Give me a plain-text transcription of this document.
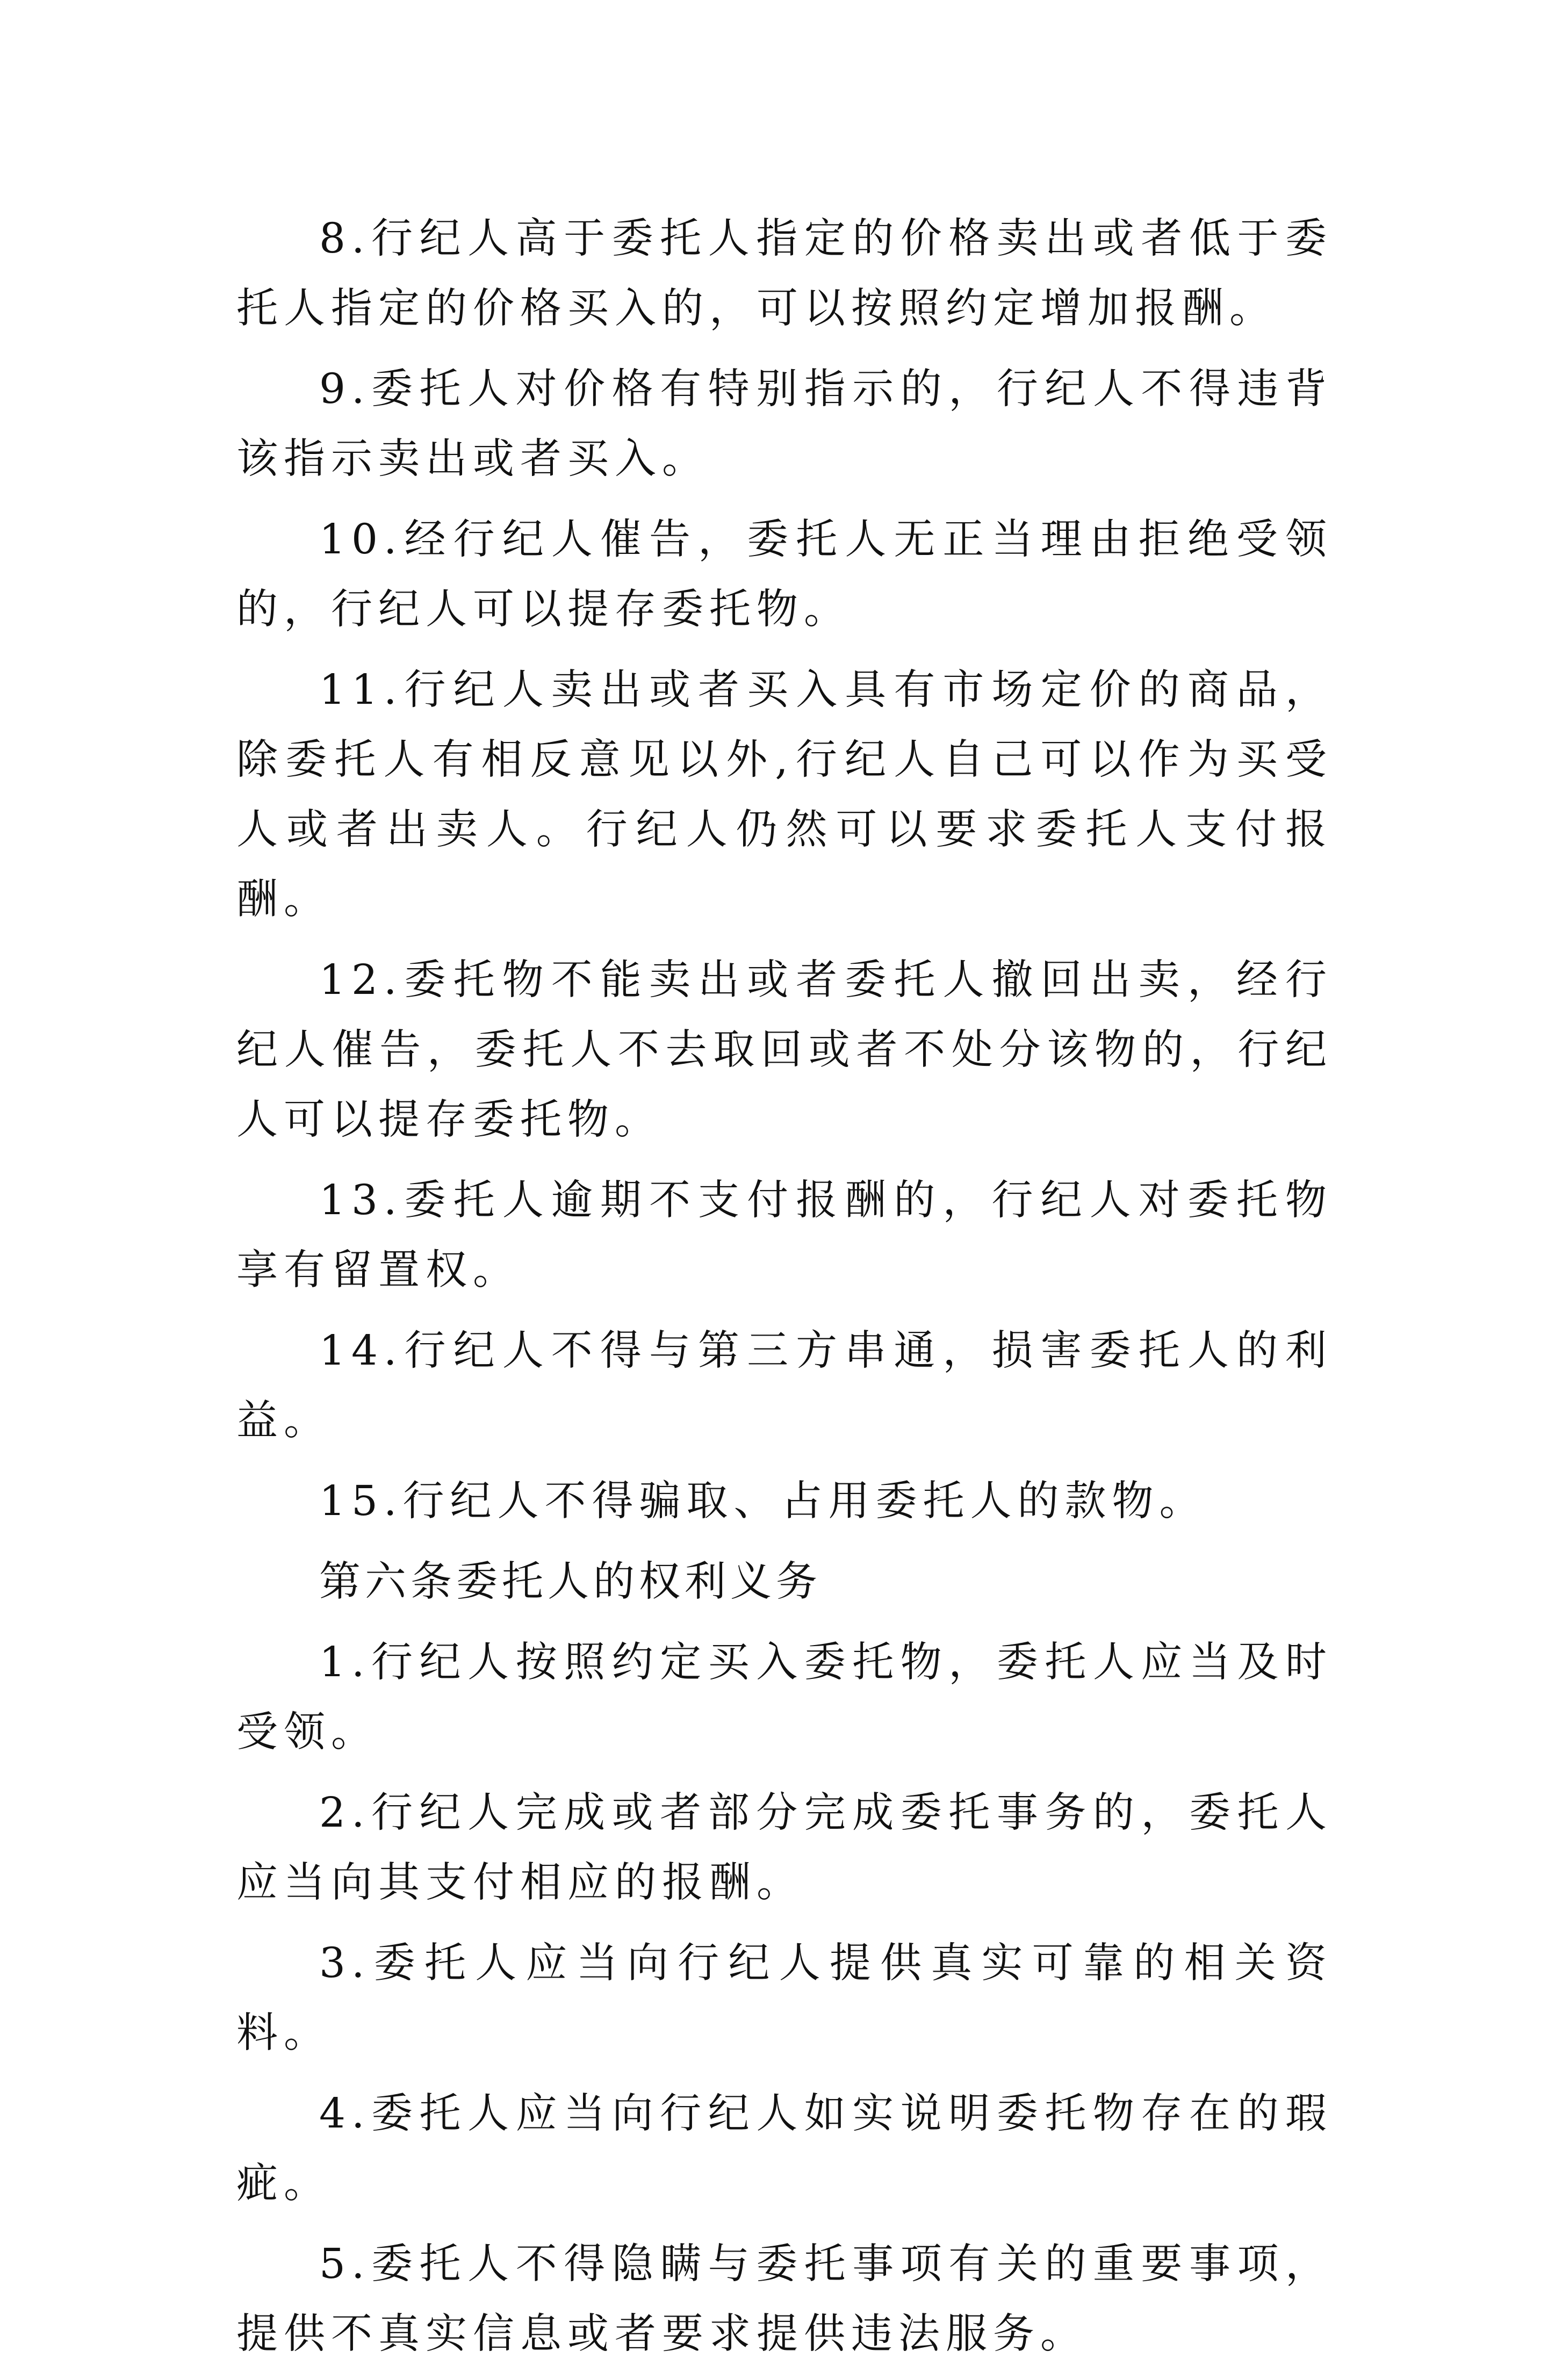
8.行纪人高于委托人指定的价格卖出或者低于委托人指定的价格买入的，可以按照约定增加报酬。

9.委托人对价格有特别指示的，行纪人不得违背该指示卖出或者买入。

10.经行纪人催告，委托人无正当理由拒绝受领的，行纪人可以提存委托物。

11.行纪人卖出或者买入具有市场定价的商品，除委托人有相反意见以外,行纪人自己可以作为买受人或者出卖人。行纪人仍然可以要求委托人支付报酬。

12.委托物不能卖出或者委托人撤回出卖，经行纪人催告，委托人不去取回或者不处分该物的，行纪人可以提存委托物。

13.委托人逾期不支付报酬的，行纪人对委托物享有留置权。

14.行纪人不得与第三方串通，损害委托人的利益。

15.行纪人不得骗取、占用委托人的款物。

第六条委托人的权利义务

1.行纪人按照约定买入委托物，委托人应当及时受领。

2.行纪人完成或者部分完成委托事务的，委托人应当向其支付相应的报酬。

3.委托人应当向行纪人提供真实可靠的相关资料。

4.委托人应当向行纪人如实说明委托物存在的瑕疵。

5.委托人不得隐瞒与委托事项有关的重要事项，提供不真实信息或者要求提供违法服务。
